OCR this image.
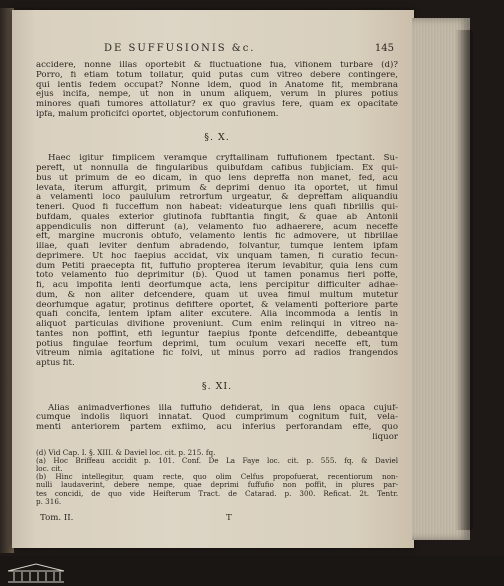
DE SUFFUSIONIS &c.	145
accidere, nonne illas oportebit & fluctuatione fua, vifionem turbare (d)?
Porro, fi etiam totum tollatur, quid putas cum vitreo debere contingere,
qui lentis fedem occupat? Nonne idem, quod in Anatome fit, membrana
ejus incifa, nempe, ut non in unum aliquem, verum in plures potius
minores quafi tumores attollatur? ex quo gravius fere, quam ex opacitate
ipfa, malum proficifci oportet, objectorum confufionem.
§. X.
Haec igitur fimplicem veramque cryftallinam fuffufionem fpectant. Su-
pereft, ut nonnulla de fingularibus quibufdam cafibus fubjiciam. Ex qui-
bus ut primum de eo dicam, in quo lens depreffa non manet, fed, acu
levata, iterum affurgit, primum & deprimi denuo ita oportet, ut fimul
a velamenti loco paululum retrorfum urgeatur, & depreffam aliquandiu
teneri. Quod fi fucceffum non habeat: videaturque lens quafi fibrillis qui-
bufdam, quales exterior glutinofa fubftantia fingit, & quae ab Antonii
appendiculis non differunt (a), velamento fuo adhaerere, acum neceffe
eft, margine mucronis obtufo, velamento lentis fic admovere, ut fibrillae
illae, quafi leviter denfum abradendo, folvantur, tumque lentem ipfam
deprimere. Ut hoc faepius accidat, vix unquam tamen, fi curatio fecun-
dum Petiti praecepta fit, fuffufio propterea iterum levabitur, quia lens cum
toto velamento fuo deprimitur (b). Quod ut tamen ponamus fieri poffe,
fi, acu impofita lenti deorfumque acta, lens percipitur difficulter adhae-
dum, & non aliter defcendere, quam ut uvea fimul multum mutetur
deorfumque agatur, protinus defiftere oportet, & velamenti pofteriore parte
quafi concifa, lentem ipfam aliter excutere. Alia incommoda a lentis in
aliquot particulas divifione proveniunt. Cum enim relinqui in vitreo na-
tantes non poffint, etfi leguntur faepius fponte defcendiffe, debeantque
potius fingulae feorfum deprimi, tum oculum vexari neceffe eft, tum
vitreum nimia agitatione fic folvi, ut minus porro ad radios frangendos
aptus fit.
§. XI.
Alias animadverfiones illa fuffufio defiderat, in qua lens opaca cujuf-
cumque indolis liquori innatat. Quod cumprimum cognitum fuit, vela-
menti anteriorem partem exfiimo, acu inferius perforandam effe, quo
liquor
(d) Vid Cap. I. §. XIII. & Daviel loc. cit. p. 215. fq.
(a) Hoc Briffeau accidit p. 101. Conf. De La Faye loc. cit. p. 555. fq. & Daviel
loc. cit.
(b) Hinc intellegitur, quam recte, quo olim Celfus propofuerat, recentiorum non-
nulli laudaverint, debere nempe, quae deprimi fuffufio non poffit, in plures par-
tes concidi, de quo vide Heifterum Tract. de Catarad. p. 300. Reficat. 2t. Tentr.
p. 316.
Tom. II.	T
